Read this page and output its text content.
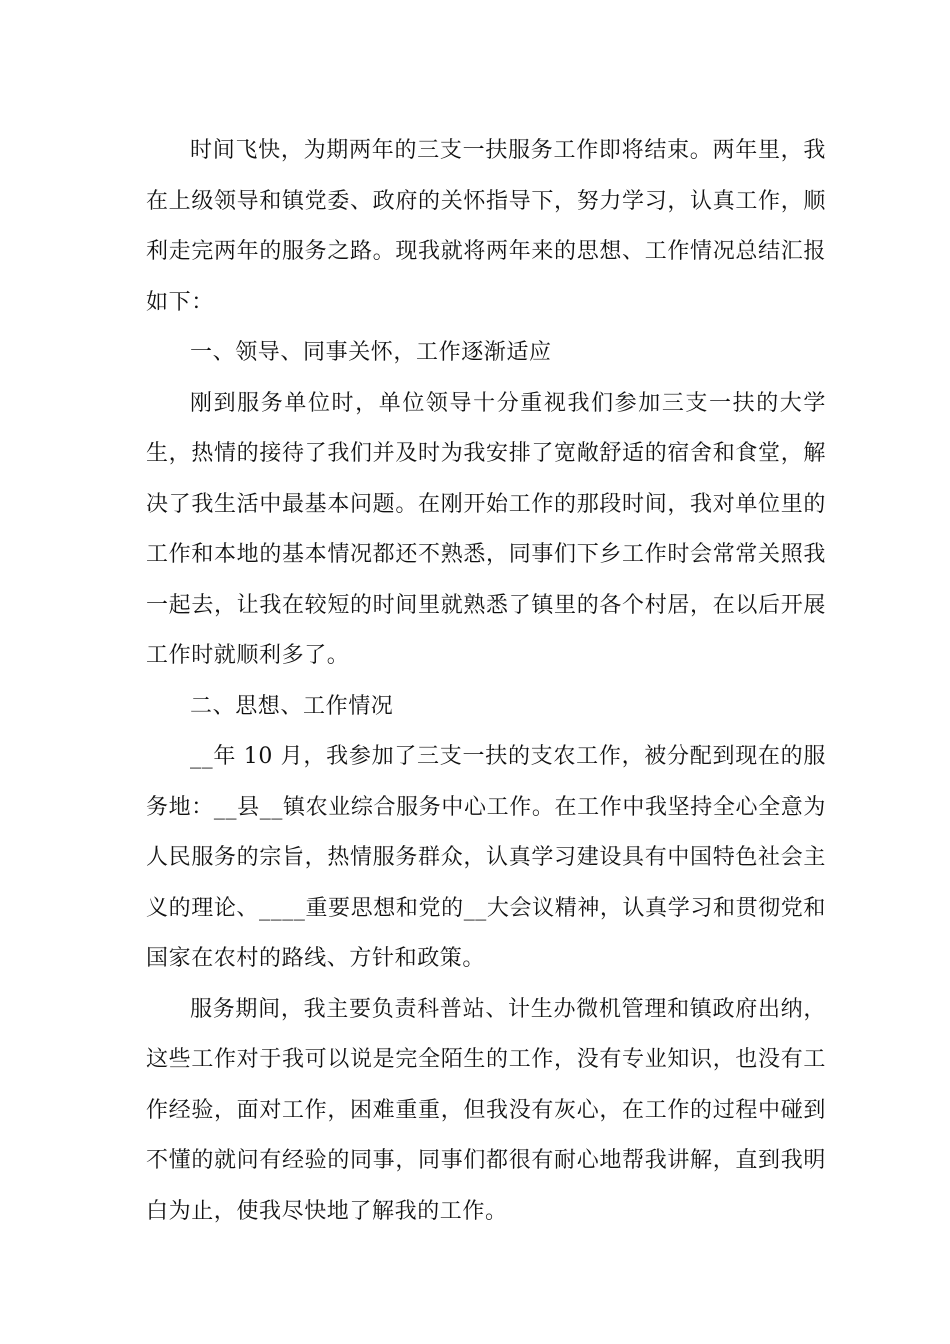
时间飞快，为期两年的三支一扶服务工作即将结束。两年里，我在上级领导和镇党委、政府的关怀指导下，努力学习，认真工作，顺利走完两年的服务之路。现我就将两年来的思想、工作情况总结汇报如下：

一、领导、同事关怀，工作逐渐适应

刚到服务单位时，单位领导十分重视我们参加三支一扶的大学生，热情的接待了我们并及时为我安排了宽敞舒适的宿舍和食堂，解决了我生活中最基本问题。在刚开始工作的那段时间，我对单位里的工作和本地的基本情况都还不熟悉，同事们下乡工作时会常常关照我一起去，让我在较短的时间里就熟悉了镇里的各个村居，在以后开展工作时就顺利多了。

二、思想、工作情况

__年 10 月，我参加了三支一扶的支农工作，被分配到现在的服务地：__县__镇农业综合服务中心工作。在工作中我坚持全心全意为人民服务的宗旨，热情服务群众，认真学习建设具有中国特色社会主义的理论、____重要思想和党的__大会议精神，认真学习和贯彻党和国家在农村的路线、方针和政策。

服务期间，我主要负责科普站、计生办微机管理和镇政府出纳，这些工作对于我可以说是完全陌生的工作，没有专业知识，也没有工作经验，面对工作，困难重重，但我没有灰心，在工作的过程中碰到不懂的就问有经验的同事，同事们都很有耐心地帮我讲解，直到我明白为止，使我尽快地了解我的工作。
